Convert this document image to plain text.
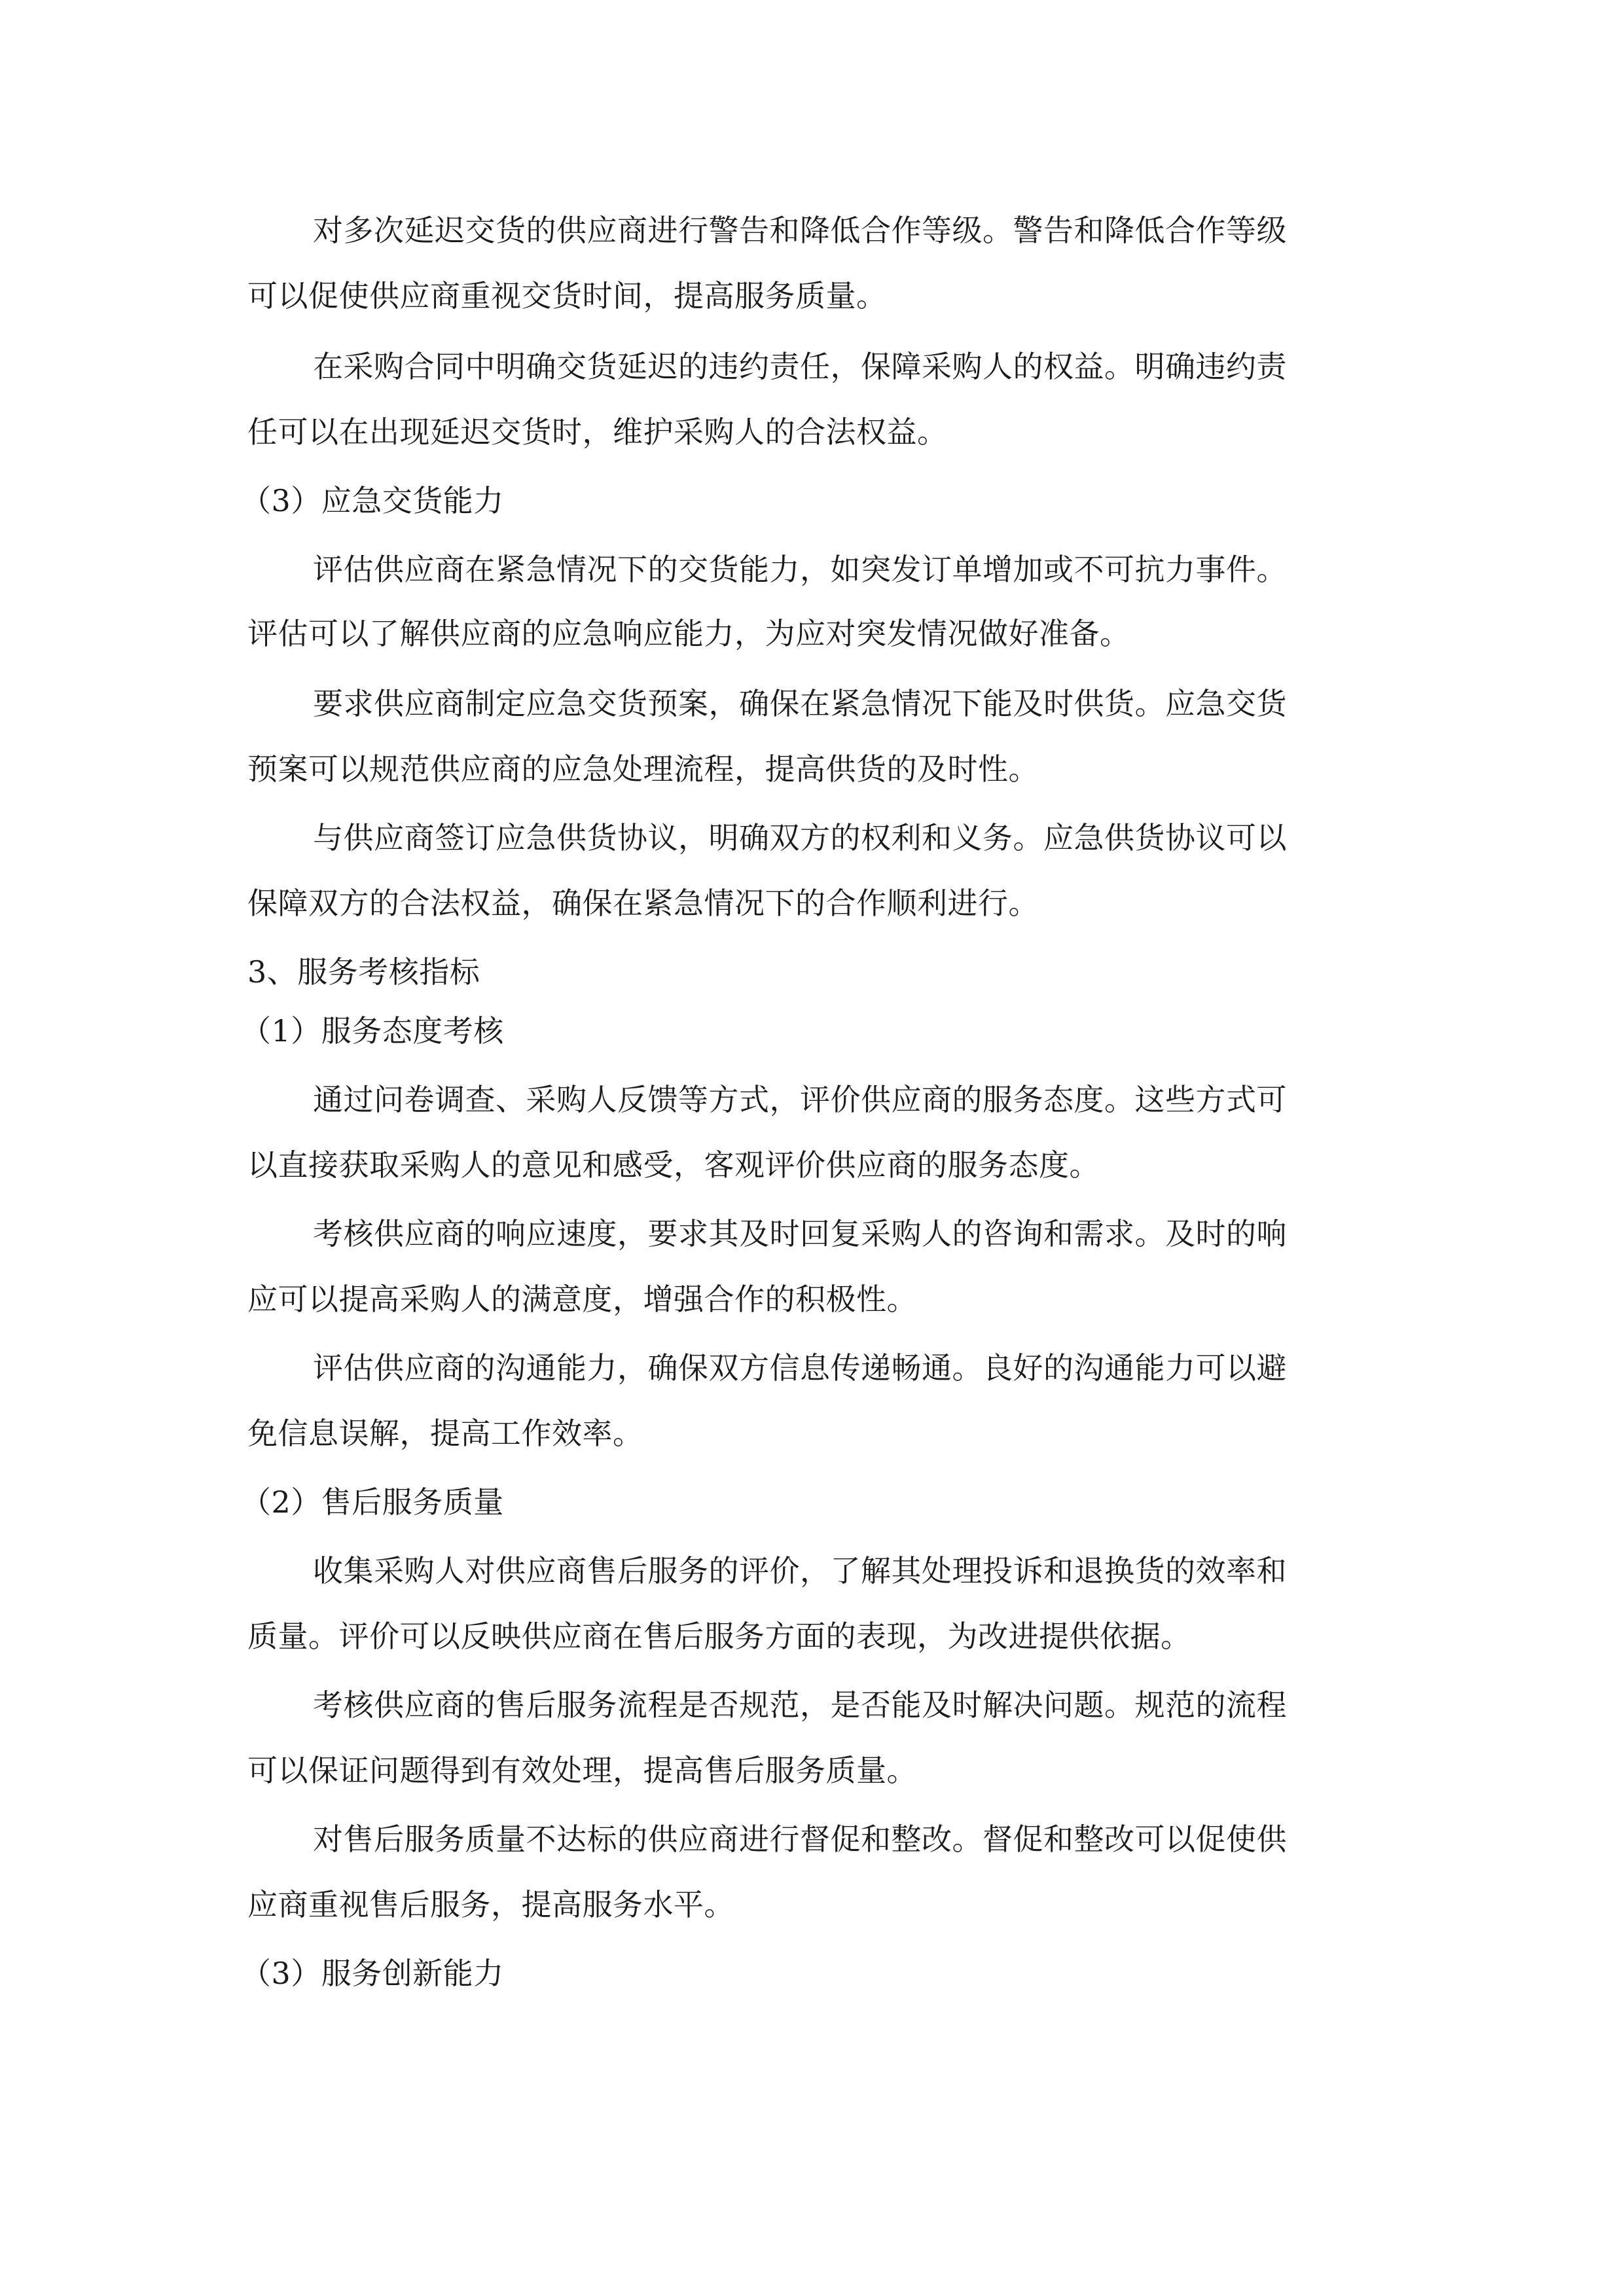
对多次延迟交货的供应商进行警告和降低合作等级。警告和降低合作等级
可以促使供应商重视交货时间，提高服务质量。
在采购合同中明确交货延迟的违约责任，保障采购人的权益。明确违约责
任可以在出现延迟交货时，维护采购人的合法权益。
（3）应急交货能力
评估供应商在紧急情况下的交货能力，如突发订单增加或不可抗力事件。
评估可以了解供应商的应急响应能力，为应对突发情况做好准备。
要求供应商制定应急交货预案，确保在紧急情况下能及时供货。应急交货
预案可以规范供应商的应急处理流程，提高供货的及时性。
与供应商签订应急供货协议，明确双方的权利和义务。应急供货协议可以
保障双方的合法权益，确保在紧急情况下的合作顺利进行。
3、服务考核指标
（1）服务态度考核
通过问卷调查、采购人反馈等方式，评价供应商的服务态度。这些方式可
以直接获取采购人的意见和感受，客观评价供应商的服务态度。
考核供应商的响应速度，要求其及时回复采购人的咨询和需求。及时的响
应可以提高采购人的满意度，增强合作的积极性。
评估供应商的沟通能力，确保双方信息传递畅通。良好的沟通能力可以避
免信息误解，提高工作效率。
（2）售后服务质量
收集采购人对供应商售后服务的评价，了解其处理投诉和退换货的效率和
质量。评价可以反映供应商在售后服务方面的表现，为改进提供依据。
考核供应商的售后服务流程是否规范，是否能及时解决问题。规范的流程
可以保证问题得到有效处理，提高售后服务质量。
对售后服务质量不达标的供应商进行督促和整改。督促和整改可以促使供
应商重视售后服务，提高服务水平。
（3）服务创新能力
